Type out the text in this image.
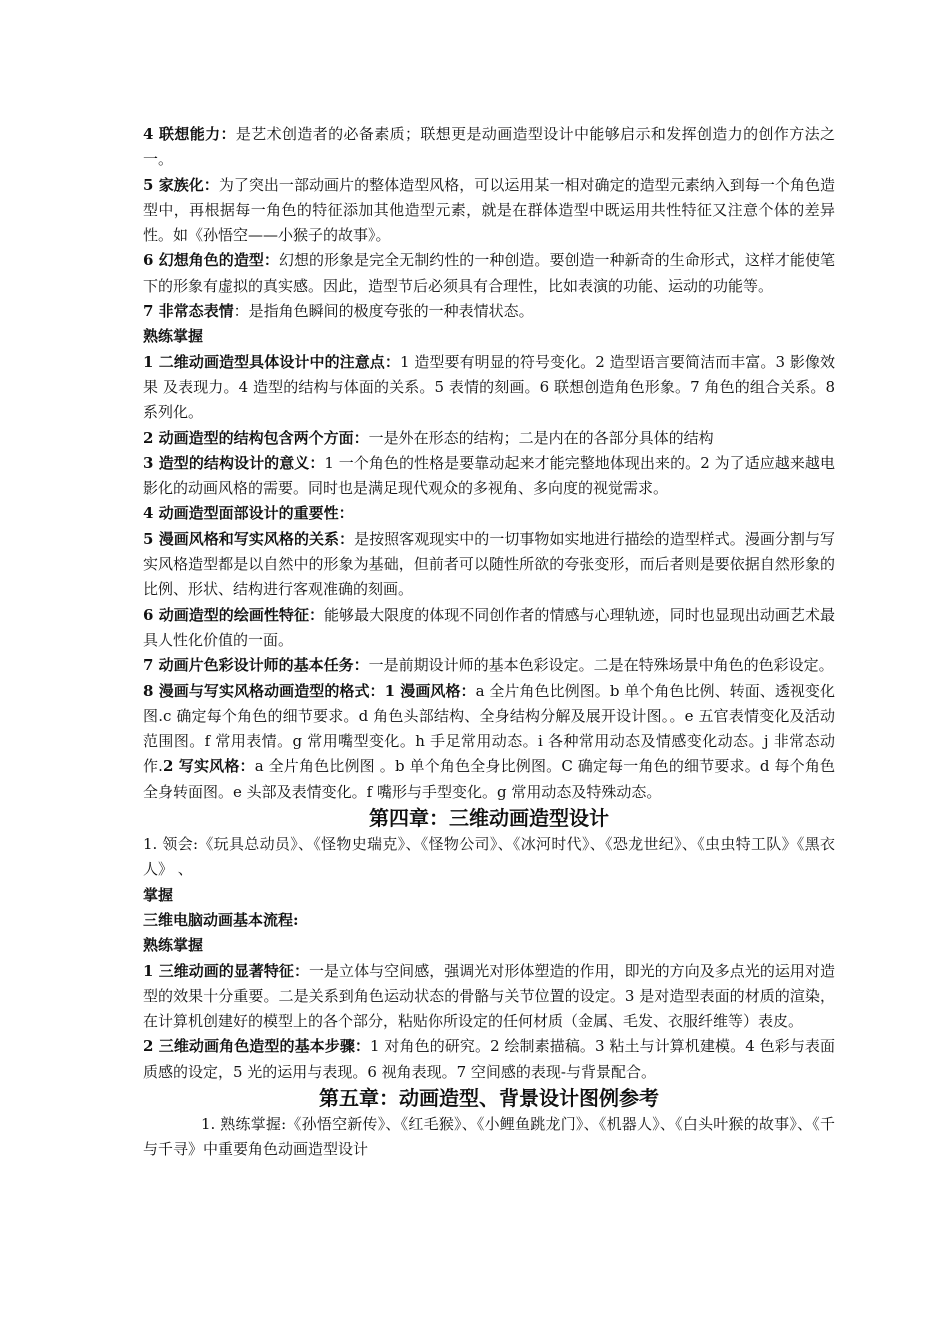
4 联想能力：是艺术创造者的必备素质；联想更是动画造型设计中能够启示和发挥创造力的创作方法之一。

5 家族化：为了突出一部动画片的整体造型风格，可以运用某一相对确定的造型元素纳入到每一个角色造型中，再根据每一角色的特征添加其他造型元素，就是在群体造型中既运用共性特征又注意个体的差异性。如《孙悟空——小猴子的故事》。

6 幻想角色的造型：幻想的形象是完全无制约性的一种创造。要创造一种新奇的生命形式，这样才能使笔下的形象有虚拟的真实感。因此，造型节后必须具有合理性，比如表演的功能、运动的功能等。

7 非常态表情：是指角色瞬间的极度夸张的一种表情状态。

熟练掌握

1 二维动画造型具体设计中的注意点：1 造型要有明显的符号变化。2 造型语言要简洁而丰富。3 影像效果 及表现力。4 造型的结构与体面的关系。5 表情的刻画。6 联想创造角色形象。7 角色的组合关系。8 系列化。

2 动画造型的结构包含两个方面：一是外在形态的结构；二是内在的各部分具体的结构

3 造型的结构设计的意义：1 一个角色的性格是要靠动起来才能完整地体现出来的。2 为了适应越来越电影化的动画风格的需要。同时也是满足现代观众的多视角、多向度的视觉需求。

4 动画造型面部设计的重要性：

5 漫画风格和写实风格的关系：是按照客观现实中的一切事物如实地进行描绘的造型样式。漫画分割与写实风格造型都是以自然中的形象为基础，但前者可以随性所欲的夸张变形，而后者则是要依据自然形象的比例、形状、结构进行客观准确的刻画。

6 动画造型的绘画性特征：能够最大限度的体现不同创作者的情感与心理轨迹，同时也显现出动画艺术最具人性化价值的一面。

7 动画片色彩设计师的基本任务：一是前期设计师的基本色彩设定。二是在特殊场景中角色的色彩设定。

8 漫画与写实风格动画造型的格式：1 漫画风格：a 全片角色比例图。b 单个角色比例、转面、透视变化图.c 确定每个角色的细节要求。d 角色头部结构、全身结构分解及展开设计图。。e 五官表情变化及活动范围图。f 常用表情。g 常用嘴型变化。h 手足常用动态。i 各种常用动态及情感变化动态。j 非常态动作.2 写实风格：a 全片角色比例图 。b 单个角色全身比例图。C 确定每一角色的细节要求。d 每个角色全身转面图。e 头部及表情变化。f 嘴形与手型变化。g 常用动态及特殊动态。

第四章：三维动画造型设计

1. 领会:《玩具总动员》、《怪物史瑞克》、《怪物公司》、《冰河时代》、《恐龙世纪》、《虫虫特工队》《黑衣人》 、

掌握

三维电脑动画基本流程:

熟练掌握

1 三维动画的显著特征：一是立体与空间感，强调光对形体塑造的作用，即光的方向及多点光的运用对造型的效果十分重要。二是关系到角色运动状态的骨骼与关节位置的设定。3 是对造型表面的材质的渲染，在计算机创建好的模型上的各个部分，粘贴你所设定的任何材质（金属、毛发、衣服纤维等）表皮。

2 三维动画角色造型的基本步骤：1 对角色的研究。2 绘制素描稿。3 粘土与计算机建模。4 色彩与表面质感的设定，5 光的运用与表现。6 视角表现。7 空间感的表现-与背景配合。

第五章：动画造型、背景设计图例参考

1. 熟练掌握:《孙悟空新传》、《红毛猴》、《小鲤鱼跳龙门》、《机器人》、《白头叶猴的故事》、《千与千寻》中重要角色动画造型设计
